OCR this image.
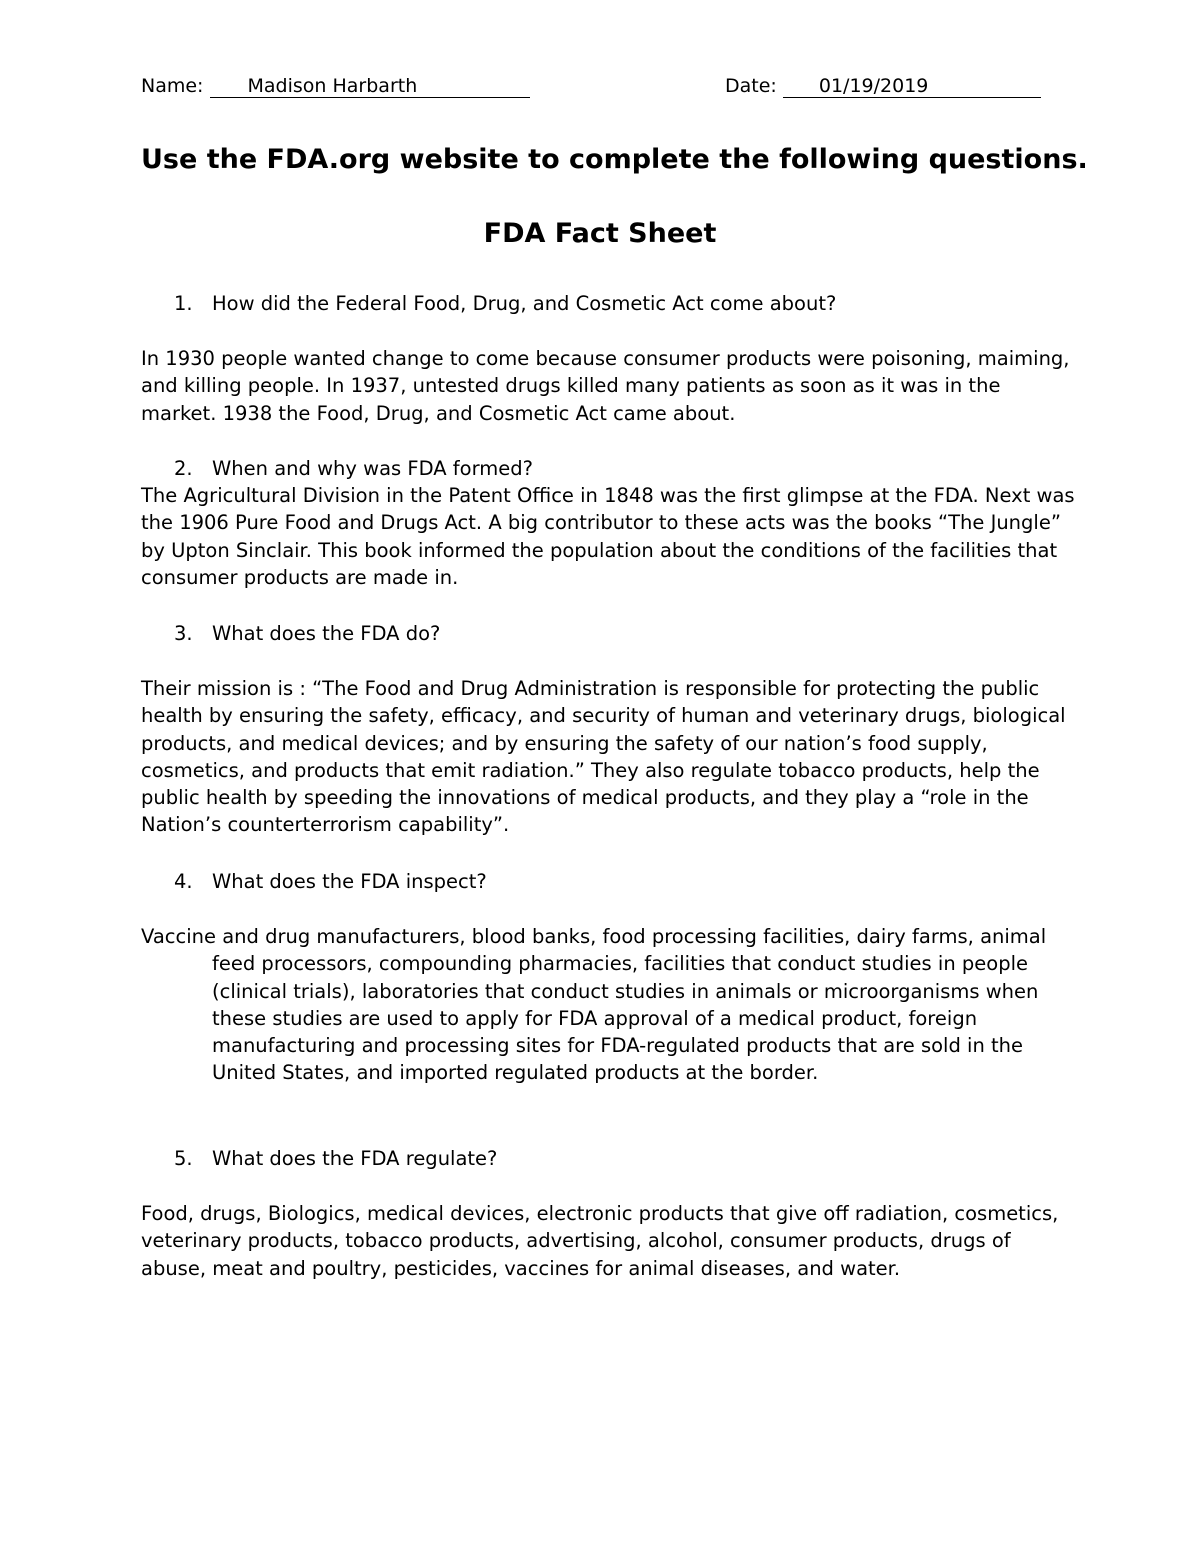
Name: Madison Harbarth	Date: 01/19/2019
Use the FDA.org website to complete the following questions.
FDA Fact Sheet
1. How did the Federal Food, Drug, and Cosmetic Act come about?
In 1930 people wanted change to come because consumer products were poisoning, maiming, and killing people. In 1937, untested drugs killed many patients as soon as it was in the market. 1938 the Food, Drug, and Cosmetic Act came about.
2. When and why was FDA formed?
The Agricultural Division in the Patent Office in 1848 was the first glimpse at the FDA. Next was the 1906 Pure Food and Drugs Act. A big contributor to these acts was the books “The Jungle” by Upton Sinclair. This book informed the population about the conditions of the facilities that consumer products are made in.
3. What does the FDA do?
Their mission is : “The Food and Drug Administration is responsible for protecting the public health by ensuring the safety, efficacy, and security of human and veterinary drugs, biological products, and medical devices; and by ensuring the safety of our nation’s food supply, cosmetics, and products that emit radiation.” They also regulate tobacco products, help the public health by speeding the innovations of medical products, and they play a “role in the Nation’s counterterrorism capability”.
4. What does the FDA inspect?
Vaccine and drug manufacturers, blood banks, food processing facilities, dairy farms, animal feed processors, compounding pharmacies, facilities that conduct studies in people (clinical trials), laboratories that conduct studies in animals or microorganisms when these studies are used to apply for FDA approval of a medical product, foreign manufacturing and processing sites for FDA-regulated products that are sold in the United States, and imported regulated products at the border.
5. What does the FDA regulate?
Food, drugs, Biologics, medical devices, electronic products that give off radiation, cosmetics, veterinary products, tobacco products, advertising, alcohol, consumer products, drugs of abuse, meat and poultry, pesticides, vaccines for animal diseases, and water.
